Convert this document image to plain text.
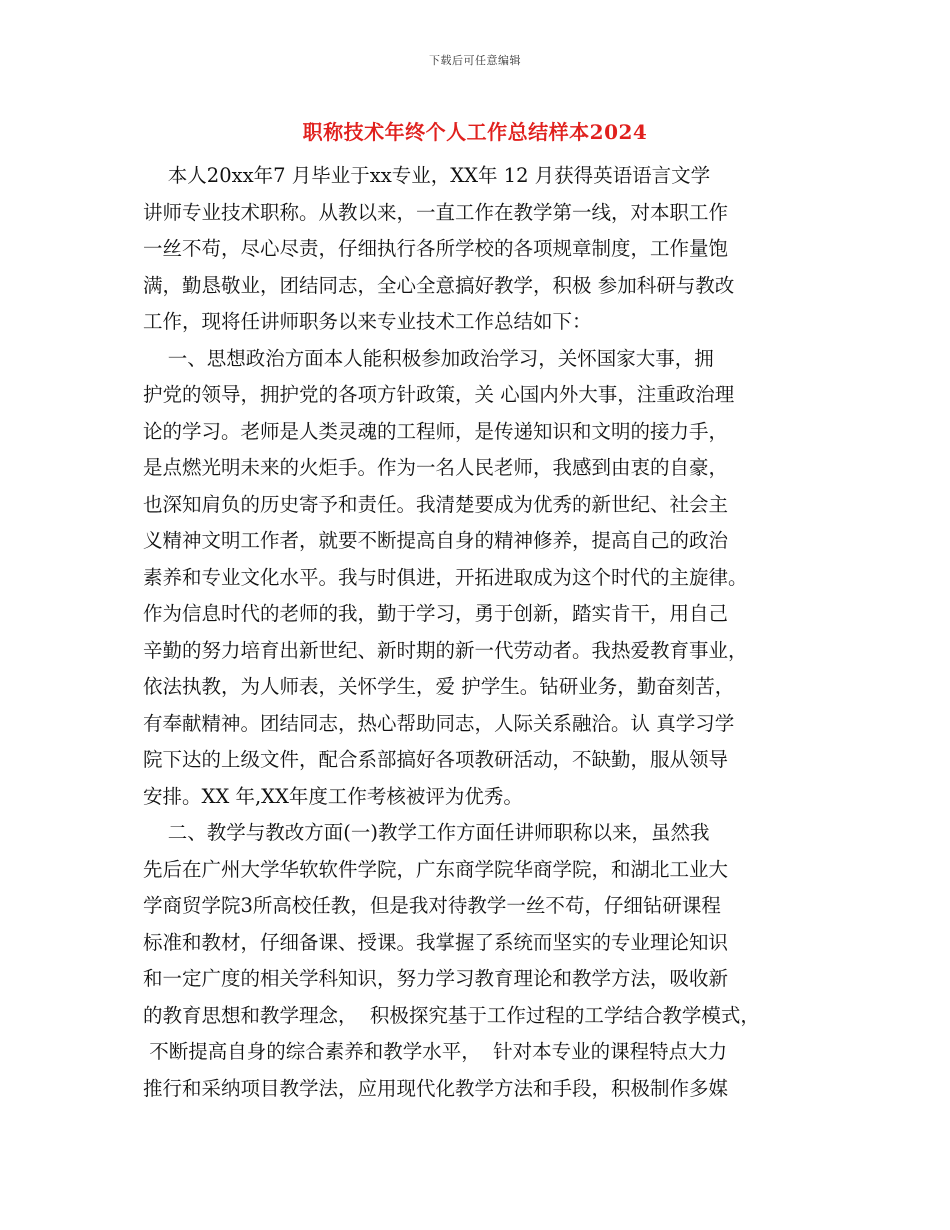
下载后可任意编辑
职称技术年终个人工作总结样本2024
本人20xx年7 月毕业于xx专业，XX年 12 月获得英语语言文学
讲师专业技术职称。从教以来，一直工作在教学第一线，对本职工作
一丝不苟，尽心尽责，仔细执行各所学校的各项规章制度，工作量饱
满，勤恳敬业，团结同志，全心全意搞好教学，积极 参加科研与教改
工作，现将任讲师职务以来专业技术工作总结如下：
一、思想政治方面本人能积极参加政治学习，关怀国家大事，拥
护党的领导，拥护党的各项方针政策，关 心国内外大事，注重政治理
论的学习。老师是人类灵魂的工程师，是传递知识和文明的接力手，
是点燃光明未来的火炬手。作为一名人民老师，我感到由衷的自豪，
也深知肩负的历史寄予和责任。我清楚要成为优秀的新世纪、社会主
义精神文明工作者，就要不断提高自身的精神修养，提高自己的政治
素养和专业文化水平。我与时俱进，开拓进取成为这个时代的主旋律。
作为信息时代的老师的我，勤于学习，勇于创新，踏实肯干，用自己
辛勤的努力培育出新世纪、新时期的新一代劳动者。我热爱教育事业，
依法执教，为人师表，关怀学生，爱 护学生。钻研业务，勤奋刻苦，
有奉献精神。团结同志，热心帮助同志，人际关系融洽。认 真学习学
院下达的上级文件，配合系部搞好各项教研活动，不缺勤，服从领导
安排。XX 年,XX年度工作考核被评为优秀。
二、教学与教改方面(一)教学工作方面任讲师职称以来，虽然我
先后在广州大学华软软件学院，广东商学院华商学院，和湖北工业大
学商贸学院3所高校任教，但是我对待教学一丝不苟，仔细钻研课程
标准和教材，仔细备课、授课。我掌握了系统而坚实的专业理论知识
和一定广度的相关学科知识，努力学习教育理论和教学方法，吸收新
的教育思想和教学理念，  积极探究基于工作过程的工学结合教学模式，
不断提高自身的综合素养和教学水平，  针对本专业的课程特点大力
推行和采纳项目教学法，应用现代化教学方法和手段，积极制作多媒
